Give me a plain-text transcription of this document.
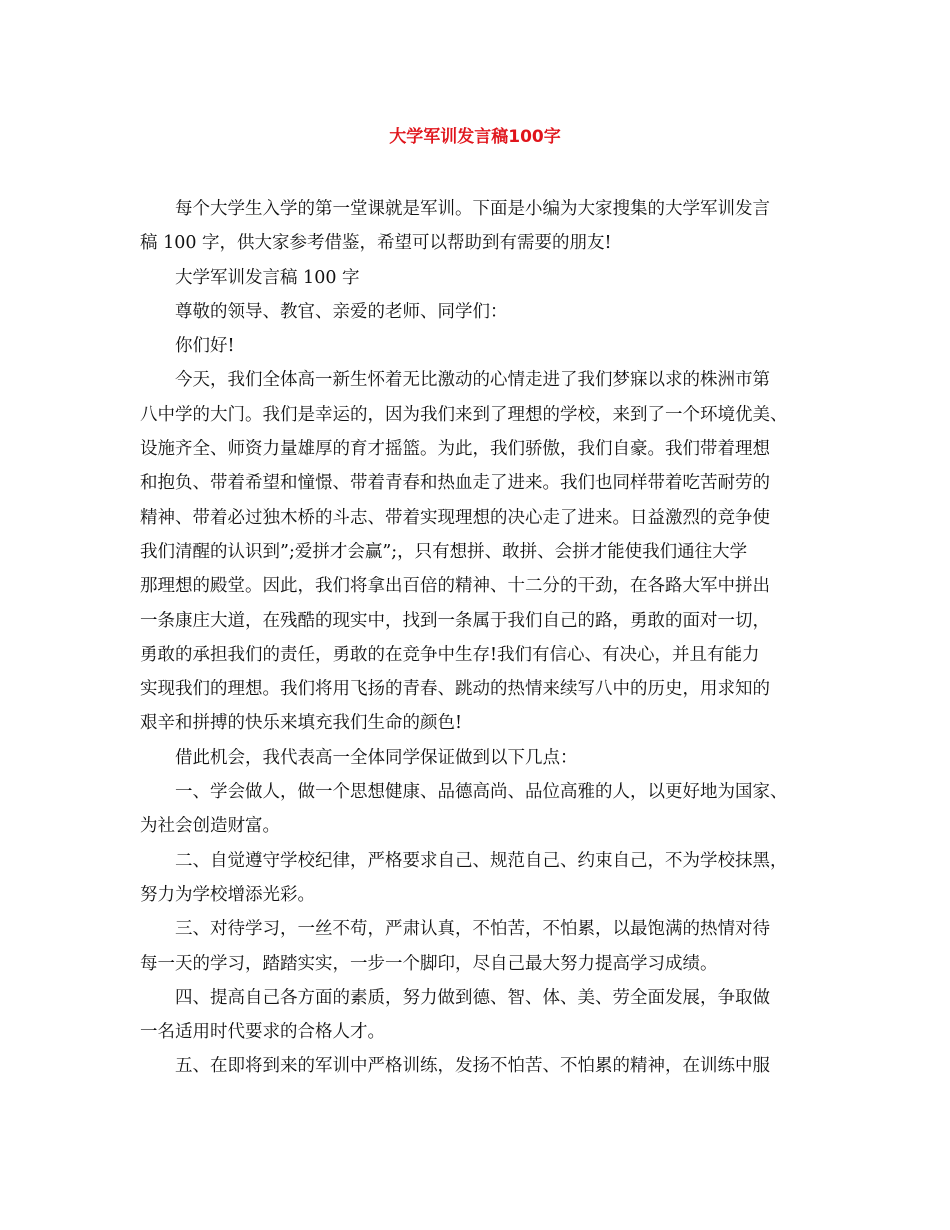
大学军训发言稿100字
每个大学生入学的第一堂课就是军训。下面是小编为大家搜集的大学军训发言
稿 100 字，供大家参考借鉴，希望可以帮助到有需要的朋友!
大学军训发言稿 100 字
尊敬的领导、教官、亲爱的老师、同学们：
你们好!
今天，我们全体高一新生怀着无比激动的心情走进了我们梦寐以求的株洲市第
八中学的大门。我们是幸运的，因为我们来到了理想的学校，来到了一个环境优美、
设施齐全、师资力量雄厚的育才摇篮。为此，我们骄傲，我们自豪。我们带着理想
和抱负、带着希望和憧憬、带着青春和热血走了进来。我们也同样带着吃苦耐劳的
精神、带着必过独木桥的斗志、带着实现理想的决心走了进来。日益激烈的竞争使
我们清醒的认识到”;爱拼才会赢”;，只有想拼、敢拼、会拼才能使我们通往大学
那理想的殿堂。因此，我们将拿出百倍的精神、十二分的干劲，在各路大军中拼出
一条康庄大道，在残酷的现实中，找到一条属于我们自己的路，勇敢的面对一切，
勇敢的承担我们的责任，勇敢的在竞争中生存!我们有信心、有决心，并且有能力
实现我们的理想。我们将用飞扬的青春、跳动的热情来续写八中的历史，用求知的
艰辛和拼搏的快乐来填充我们生命的颜色!
借此机会，我代表高一全体同学保证做到以下几点：
一、学会做人，做一个思想健康、品德高尚、品位高雅的人，以更好地为国家、
为社会创造财富。
二、自觉遵守学校纪律，严格要求自己、规范自己、约束自己，不为学校抹黑，
努力为学校增添光彩。
三、对待学习，一丝不苟，严肃认真，不怕苦，不怕累，以最饱满的热情对待
每一天的学习，踏踏实实，一步一个脚印，尽自己最大努力提高学习成绩。
四、提高自己各方面的素质，努力做到德、智、体、美、劳全面发展，争取做
一名适用时代要求的合格人才。
五、在即将到来的军训中严格训练，发扬不怕苦、不怕累的精神，在训练中服
